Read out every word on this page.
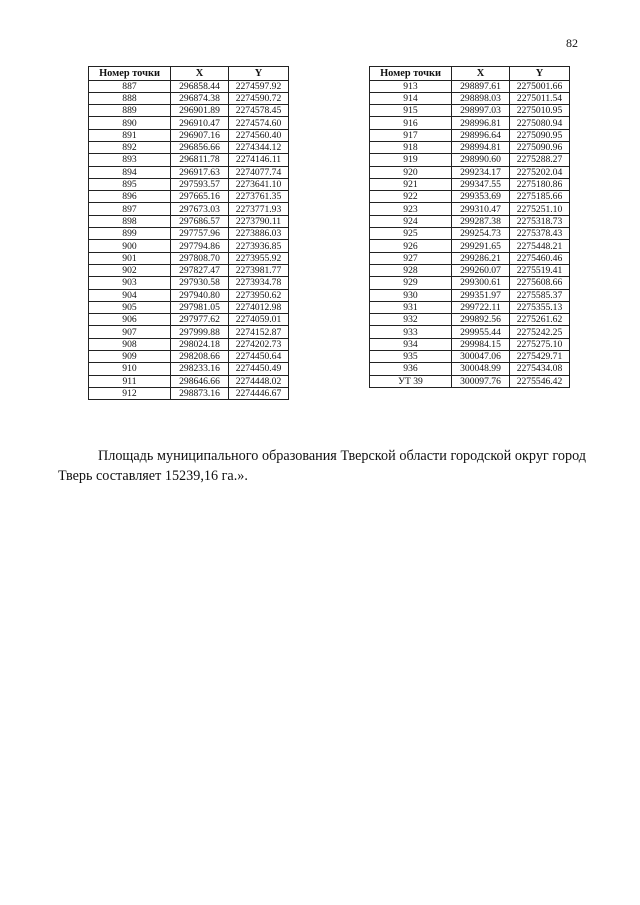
82
Номер точки	X	Y
887	296858.44	2274597.92
888	296874.38	2274590.72
889	296901.89	2274578.45
890	296910.47	2274574.60
891	296907.16	2274560.40
892	296856.66	2274344.12
893	296811.78	2274146.11
894	296917.63	2274077.74
895	297593.57	2273641.10
896	297665.16	2273761.35
897	297673.03	2273771.93
898	297686.57	2273790.11
899	297757.96	2273886.03
900	297794.86	2273936.85
901	297808.70	2273955.92
902	297827.47	2273981.77
903	297930.58	2273934.78
904	297940.80	2273950.62
905	297981.05	2274012.98
906	297977.62	2274059.01
907	297999.88	2274152.87
908	298024.18	2274202.73
909	298208.66	2274450.64
910	298233.16	2274450.49
911	298646.66	2274448.02
912	298873.16	2274446.67
Номер точки	X	Y
913	298897.61	2275001.66
914	298898.03	2275011.54
915	298997.03	2275010.95
916	298996.81	2275080.94
917	298996.64	2275090.95
918	298994.81	2275090.96
919	298990.60	2275288.27
920	299234.17	2275202.04
921	299347.55	2275180.86
922	299353.69	2275185.66
923	299310.47	2275251.10
924	299287.38	2275318.73
925	299254.73	2275378.43
926	299291.65	2275448.21
927	299286.21	2275460.46
928	299260.07	2275519.41
929	299300.61	2275608.66
930	299351.97	2275585.37
931	299722.11	2275355.13
932	299892.56	2275261.62
933	299955.44	2275242.25
934	299984.15	2275275.10
935	300047.06	2275429.71
936	300048.99	2275434.08
УТ 39	300097.76	2275546.42

Площадь муниципального образования Тверской области городской округ город Тверь составляет 15239,16 га.».
